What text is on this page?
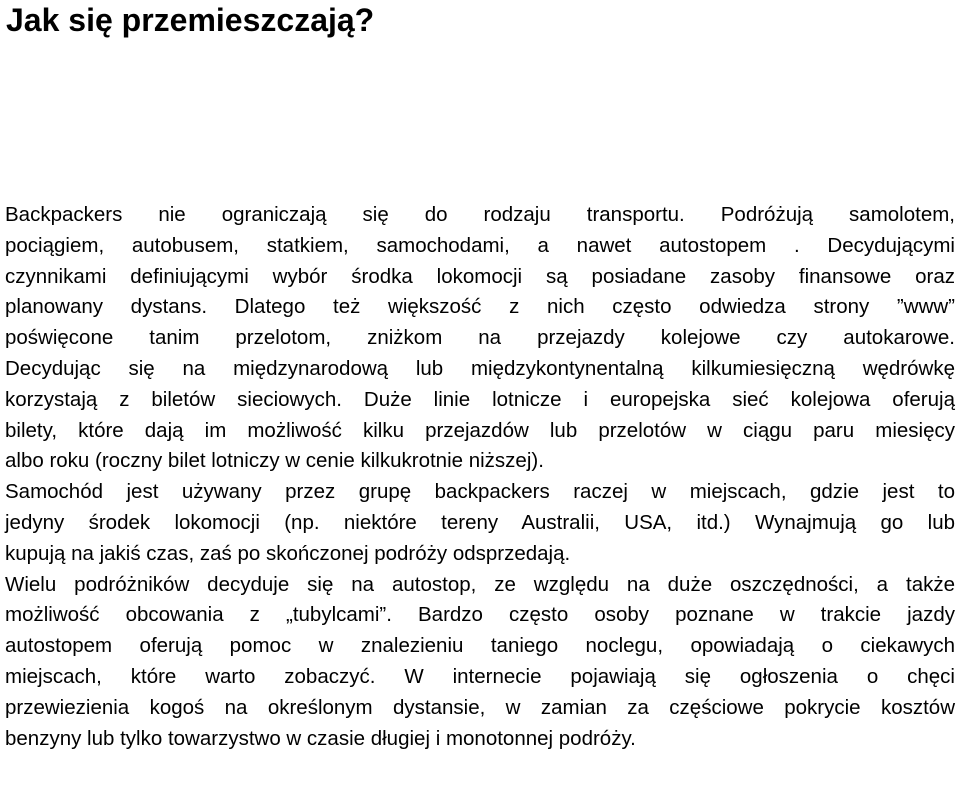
Jak się przemieszczają?
Backpackers nie ograniczają się do rodzaju transportu. Podróżują samolotem,
pociągiem, autobusem, statkiem, samochodami, a nawet autostopem . Decydującymi
czynnikami definiującymi wybór środka lokomocji są posiadane zasoby finansowe oraz
planowany dystans. Dlatego też większość z nich często odwiedza strony ”www”
poświęcone tanim przelotom, zniżkom na przejazdy kolejowe czy autokarowe.
Decydując się na międzynarodową lub międzykontynentalną kilkumiesięczną wędrówkę
korzystają z biletów sieciowych. Duże linie lotnicze i europejska sieć kolejowa oferują
bilety, które dają im możliwość kilku przejazdów lub przelotów w ciągu paru miesięcy
albo roku (roczny bilet lotniczy w cenie kilkukrotnie niższej).
Samochód jest używany przez grupę backpackers raczej w miejscach, gdzie jest to
jedyny środek lokomocji (np. niektóre tereny Australii, USA, itd.) Wynajmują go lub
kupują na jakiś czas, zaś po skończonej podróży odsprzedają.
Wielu podróżników decyduje się na autostop, ze względu na duże oszczędności, a także
możliwość obcowania z „tubylcami”. Bardzo często osoby poznane w trakcie jazdy
autostopem oferują pomoc w znalezieniu taniego noclegu, opowiadają o ciekawych
miejscach, które warto zobaczyć. W internecie pojawiają się ogłoszenia o chęci
przewiezienia kogoś na określonym dystansie, w zamian za częściowe pokrycie kosztów
benzyny lub tylko towarzystwo w czasie długiej i monotonnej podróży.
